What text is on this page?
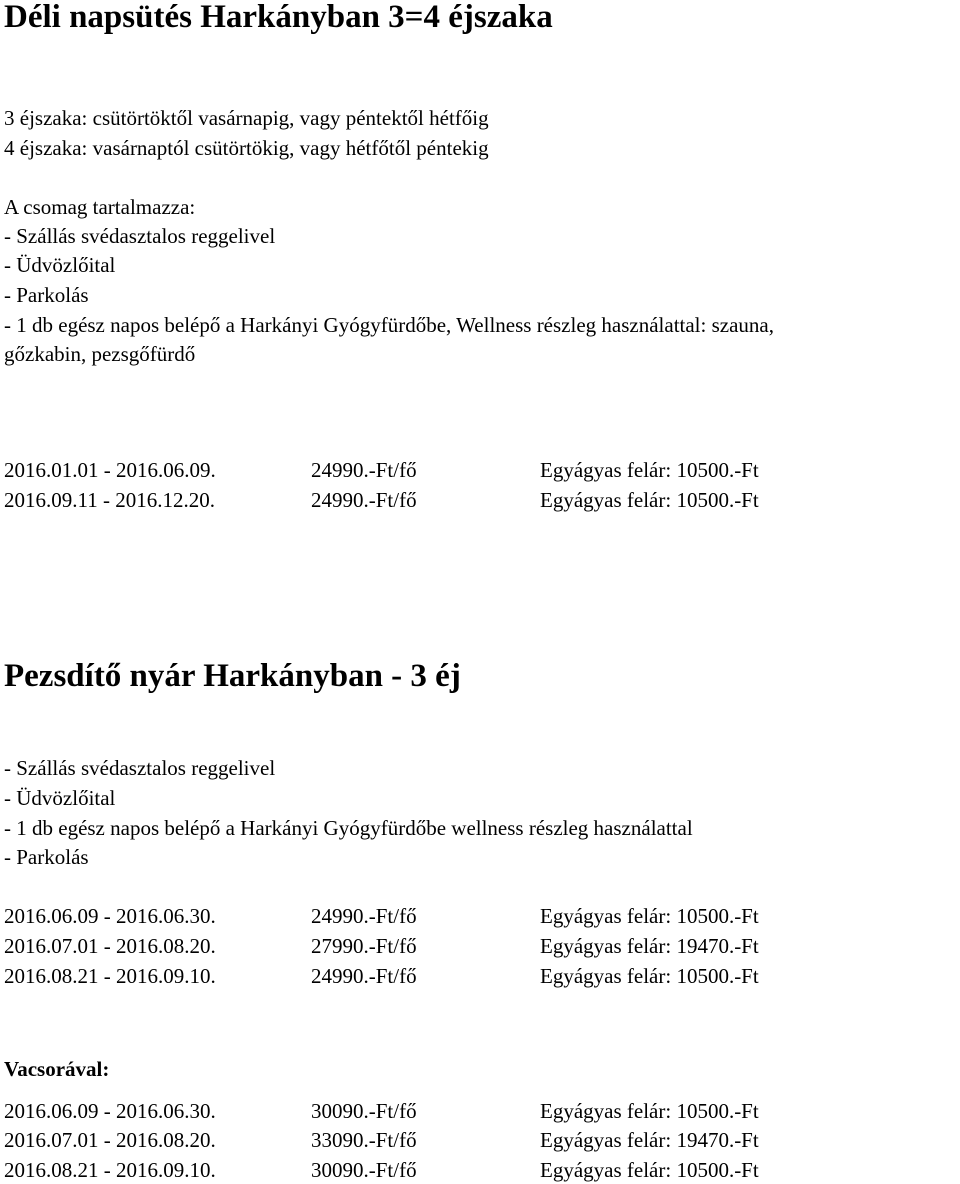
Déli napsütés Harkányban 3=4 éjszaka

3 éjszaka: csütörtöktől vasárnapig, vagy péntektől hétfőig

4 éjszaka: vasárnaptól csütörtökig, vagy hétfőtől péntekig

A csomag tartalmazza:

- Szállás svédasztalos reggelivel

- Üdvözlőital

- Parkolás

- 1 db egész napos belépő a Harkányi Gyógyfürdőbe, Wellness részleg használattal: szauna,

gőzkabin, pezsgőfürdő

2016.01.01 - 2016.06.09.	24990.-Ft/fő	Egyágyas felár: 10500.-Ft
2016.09.11 - 2016.12.20.	24990.-Ft/fő	Egyágyas felár: 10500.-Ft
Pezsdítő nyár Harkányban - 3 éj

- Szállás svédasztalos reggelivel

- Üdvözlőital

- 1 db egész napos belépő a Harkányi Gyógyfürdőbe wellness részleg használattal

- Parkolás

2016.06.09 - 2016.06.30.	24990.-Ft/fő	Egyágyas felár: 10500.-Ft
2016.07.01 - 2016.08.20.	27990.-Ft/fő	Egyágyas felár: 19470.-Ft
2016.08.21 - 2016.09.10.	24990.-Ft/fő	Egyágyas felár: 10500.-Ft

Vacsorával:

2016.06.09 - 2016.06.30.	30090.-Ft/fő	Egyágyas felár: 10500.-Ft
2016.07.01 - 2016.08.20.	33090.-Ft/fő	Egyágyas felár: 19470.-Ft
2016.08.21 - 2016.09.10.	30090.-Ft/fő	Egyágyas felár: 10500.-Ft
